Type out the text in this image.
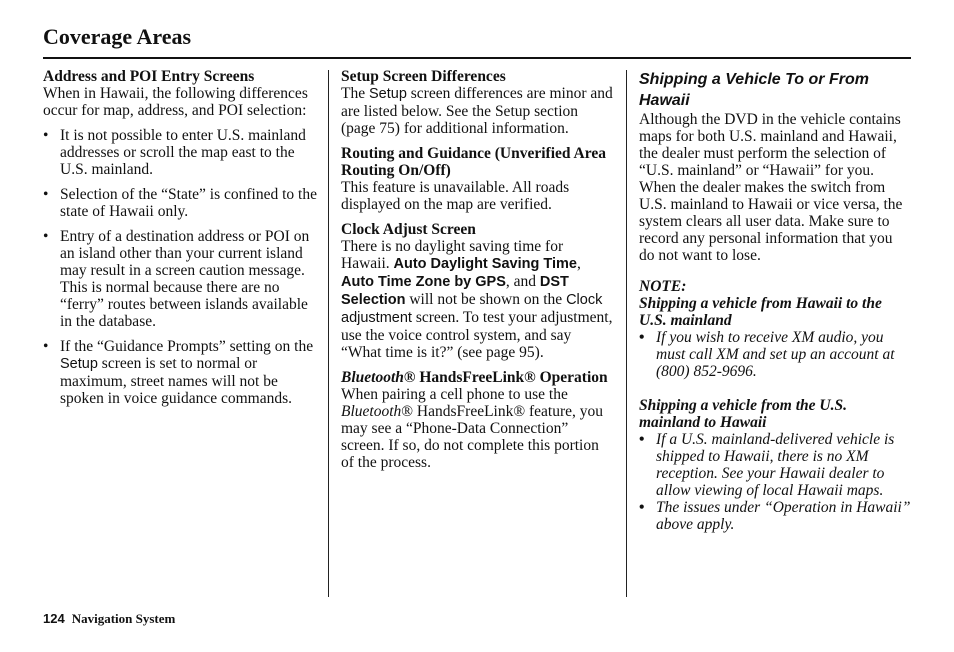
Coverage Areas
Address and POI Entry Screens
When in Hawaii, the following differences occur for map, address, and POI selection:
• It is not possible to enter U.S. mainland addresses or scroll the map east to the U.S. mainland.
• Selection of the “State” is confined to the state of Hawaii only.
• Entry of a destination address or POI on an island other than your current island may result in a screen caution message. This is normal because there are no “ferry” routes between islands available in the database.
• If the “Guidance Prompts” setting on the Setup screen is set to normal or maximum, street names will not be spoken in voice guidance commands.
Setup Screen Differences
The Setup screen differences are minor and are listed below. See the Setup section (page 75) for additional information.
Routing and Guidance (Unverified Area Routing On/Off)
This feature is unavailable. All roads displayed on the map are verified.
Clock Adjust Screen
There is no daylight saving time for Hawaii. Auto Daylight Saving Time, Auto Time Zone by GPS, and DST Selection will not be shown on the Clock adjustment screen. To test your adjustment, use the voice control system, and say “What time is it?” (see page 95).
Bluetooth® HandsFreeLink® Operation
When pairing a cell phone to use the Bluetooth® HandsFreeLink® feature, you may see a “Phone-Data Connection” screen. If so, do not complete this portion of the process.
Shipping a Vehicle To or From Hawaii
Although the DVD in the vehicle contains maps for both U.S. mainland and Hawaii, the dealer must perform the selection of “U.S. mainland” or “Hawaii” for you. When the dealer makes the switch from U.S. mainland to Hawaii or vice versa, the system clears all user data. Make sure to record any personal information that you do not want to lose.
NOTE:
Shipping a vehicle from Hawaii to the U.S. mainland
• If you wish to receive XM audio, you must call XM and set up an account at (800) 852-9696.
Shipping a vehicle from the U.S. mainland to Hawaii
• If a U.S. mainland-delivered vehicle is shipped to Hawaii, there is no XM reception. See your Hawaii dealer to allow viewing of local Hawaii maps.
• The issues under “Operation in Hawaii” above apply.
124 Navigation System
